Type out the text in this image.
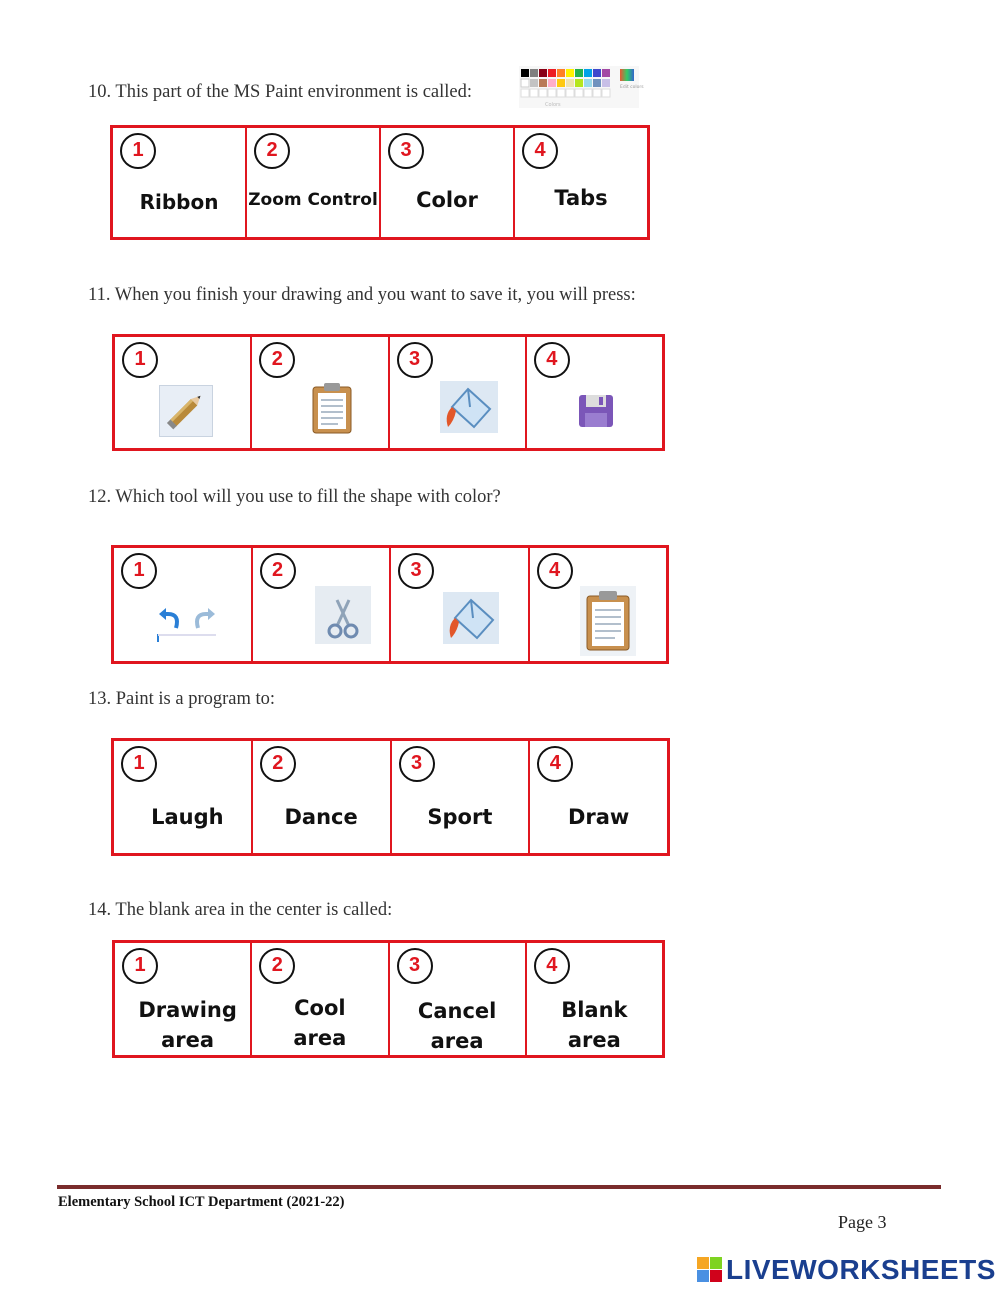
10. This part of the MS Paint environment is called:
Colors
Edit colors
1
Ribbon
2
Zoom Control
3
Color
4
Tabs
11. When you finish your drawing and you want to save it, you will press:
1	2	3	4
12. Which tool will you use to fill the shape with color?
1	2	3	4
13. Paint is a program to:
1
Laugh
2
Dance
3
Sport
4
Draw
14. The blank area in the center is called:
1
Drawing
area
2
Cool
area
3
Cancel
area
4
Blank
area
Elementary School ICT Department (2021-22)
Page 3
LIVEWORKSHEETS
